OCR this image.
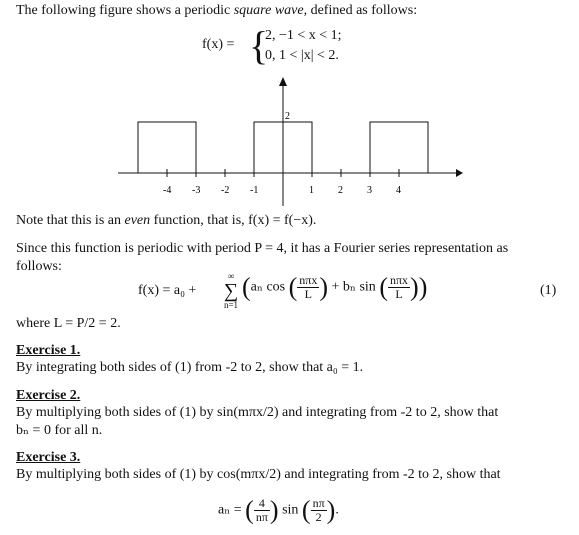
The following figure shows a periodic square wave, defined as follows:
f(x) = {
2, −1 < x < 1;
0, 1 < |x| < 2.
2
-4 -3 -2 -1	1 2 3 4
Note that this is an even function, that is, f(x) = f(−x).
Since this function is periodic with period P = 4, it has a Fourier series representation as
follows:
f(x) = a₀ +
∞
∑
n=1
(aₙ cos ( $\frac{\text{nπx}}{L}$ ) + bₙ sin ( $\frac{\text{nπx}}{L}$ ))	(1)
where L = P/2 = 2.
Exercise 1.
By integrating both sides of (1) from -2 to 2, show that a₀ = 1.
Exercise 2.
By multiplying both sides of (1) by sin(mπx/2) and integrating from -2 to 2, show that
bₙ = 0 for all n.
Exercise 3.
By multiplying both sides of (1) by cos(mπx/2) and integrating from -2 to 2, show that
aₙ = ( $\frac{4}{n\pi}$ ) sin ( $\frac{n\pi}{2}$ ).
